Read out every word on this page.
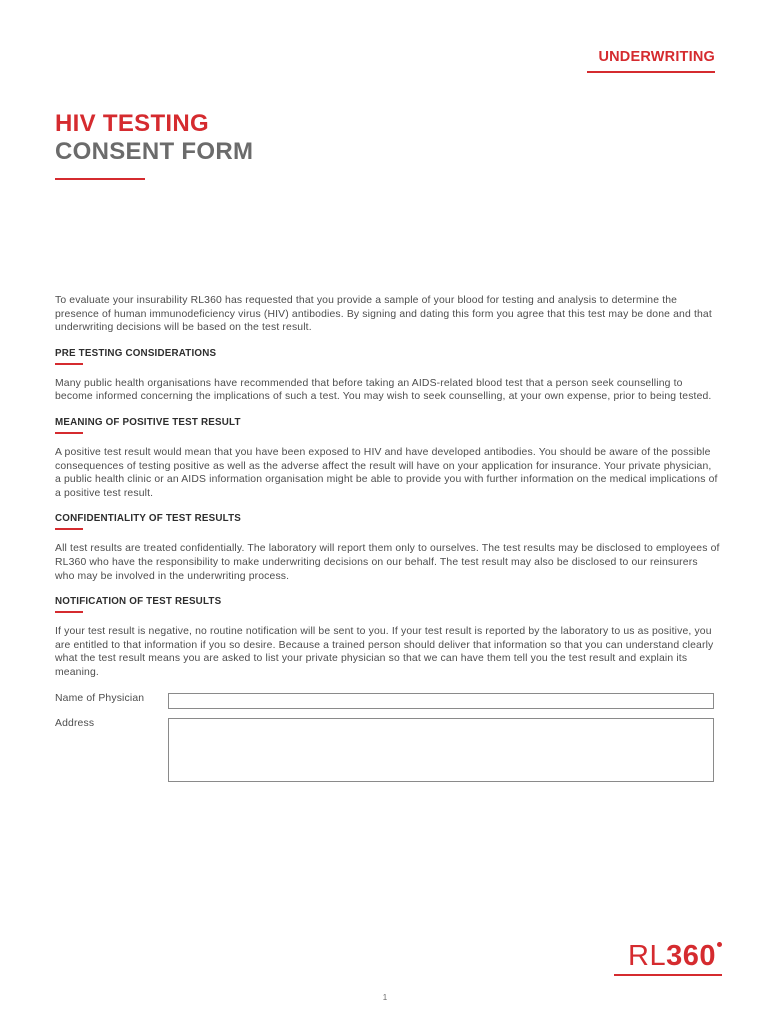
UNDERWRITING
HIV TESTING
CONSENT FORM

To evaluate your insurability RL360 has requested that you provide a sample of your blood for testing and analysis to determine the presence of human immunodeficiency virus (HIV) antibodies. By signing and dating this form you agree that this test may be done and that underwriting decisions will be based on the test result.

PRE TESTING CONSIDERATIONS

Many public health organisations have recommended that before taking an AIDS-related blood test that a person seek counselling to become informed concerning the implications of such a test. You may wish to seek counselling, at your own expense, prior to being tested.

MEANING OF POSITIVE TEST RESULT

A positive test result would mean that you have been exposed to HIV and have developed antibodies. You should be aware of the possible consequences of testing positive as well as the adverse affect the result will have on your application for insurance. Your private physician, a public health clinic or an AIDS information organisation might be able to provide you with further information on the medical implications of a positive test result.

CONFIDENTIALITY OF TEST RESULTS

All test results are treated confidentially. The laboratory will report them only to ourselves. The test results may be disclosed to employees of RL360 who have the responsibility to make underwriting decisions on our behalf. The test result may also be disclosed to our reinsurers who may be involved in the underwriting process.

NOTIFICATION OF TEST RESULTS

If your test result is negative, no routine notification will be sent to you. If your test result is reported by the laboratory to us as positive, you are entitled to that information if you so desire. Because a trained person should deliver that information so that you can understand clearly what the test result means you are asked to list your private physician so that we can have them tell you the test result and explain its meaning.

Name of Physician
Address
RL360
1
